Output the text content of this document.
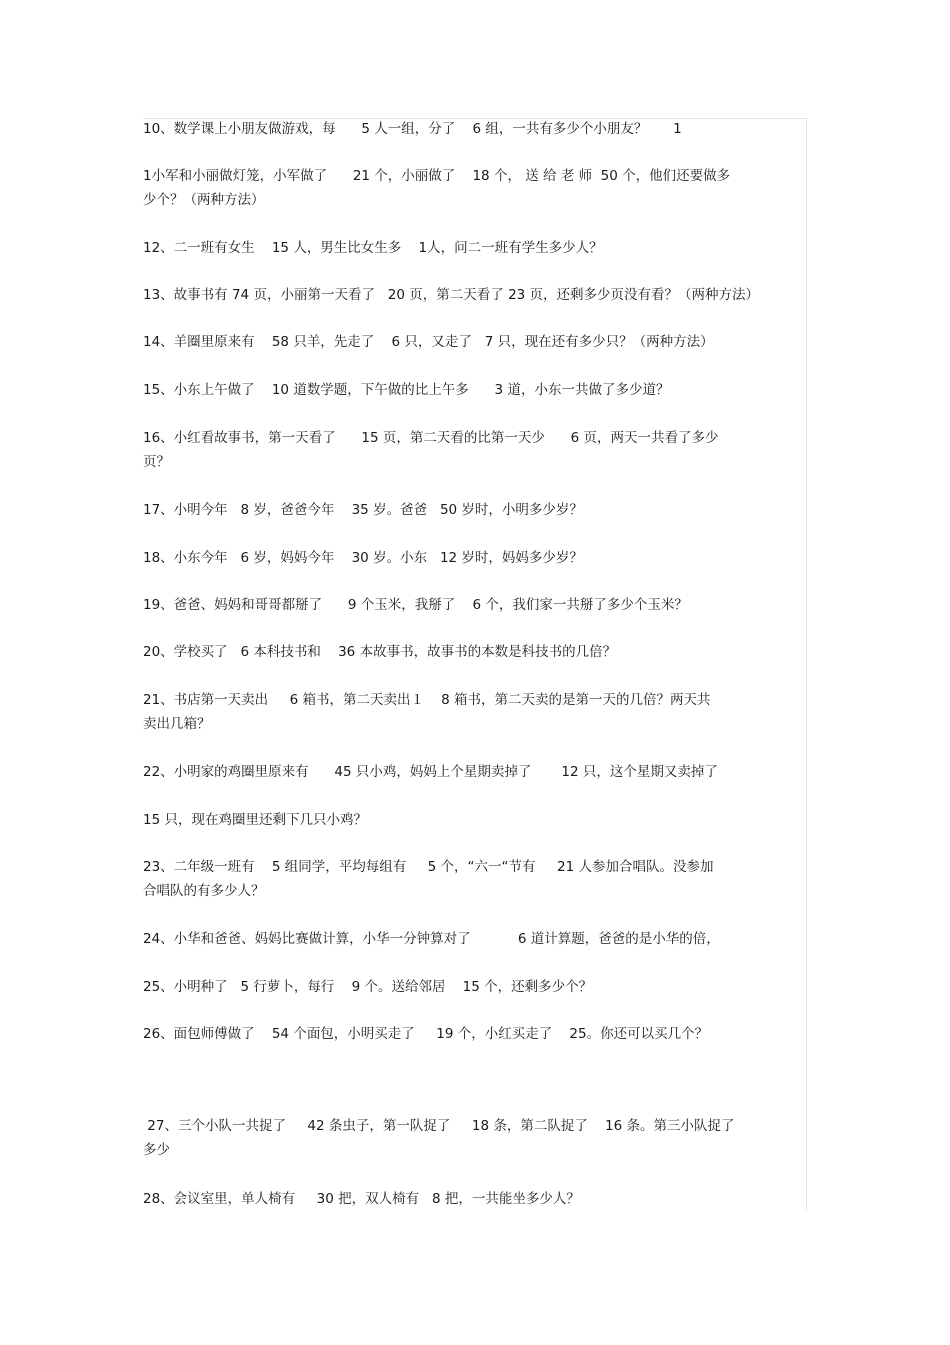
10、数学课上小朋友做游戏，每      5 人一组，分了    6 组，一共有多少个小朋友？      1

1小军和小丽做灯笼，小军做了      21 个，小丽做了    18 个， 送 给 老 师  50 个，他们还要做多

少个？（两种方法）

12、二一班有女生    15 人，男生比女生多    1人，问二一班有学生多少人？

13、故事书有 74 页，小丽第一天看了   20 页，第二天看了 23 页，还剩多少页没有看？（两种方法）

14、羊圈里原来有    58 只羊，先走了    6 只，又走了   7 只，现在还有多少只？（两种方法）

15、小东上午做了    10 道数学题，下午做的比上午多      3 道，小东一共做了多少道？

16、小红看故事书，第一天看了      15 页，第二天看的比第一天少      6 页，两天一共看了多少

页？

17、小明今年   8 岁，爸爸今年    35 岁。爸爸   50 岁时，小明多少岁？

18、小东今年   6 岁，妈妈今年    30 岁。小东   12 岁时，妈妈多少岁？

19、爸爸、妈妈和哥哥都掰了      9 个玉米，我掰了    6 个，我们家一共掰了多少个玉米？

20、学校买了   6 本科技书和    36 本故事书，故事书的本数是科技书的几倍？

21、书店第一天卖出     6 箱书，第二天卖出１    8 箱书，第二天卖的是第一天的几倍？两天共

卖出几箱？

22、小明家的鸡圈里原来有      45 只小鸡，妈妈上个星期卖掉了       12 只，这个星期又卖掉了

15 只，现在鸡圈里还剩下几只小鸡？

23、二年级一班有    5 组同学，平均每组有     5 个，“六一“节有     21 人参加合唱队。没参加

合唱队的有多少人？

24、小华和爸爸、妈妈比赛做计算，小华一分钟算对了           6 道计算题，爸爸的是小华的倍，

25、小明种了   5 行萝卜，每行    9 个。送给邻居    15 个，还剩多少个？

26、面包师傅做了    54 个面包，小明买走了     19 个，小红买走了    25。你还可以买几个？

27、三个小队一共捉了     42 条虫子，第一队捉了     18 条，第二队捉了    16 条。第三小队捉了

多少

28、会议室里，单人椅有     30 把，双人椅有   8 把，一共能坐多少人？
